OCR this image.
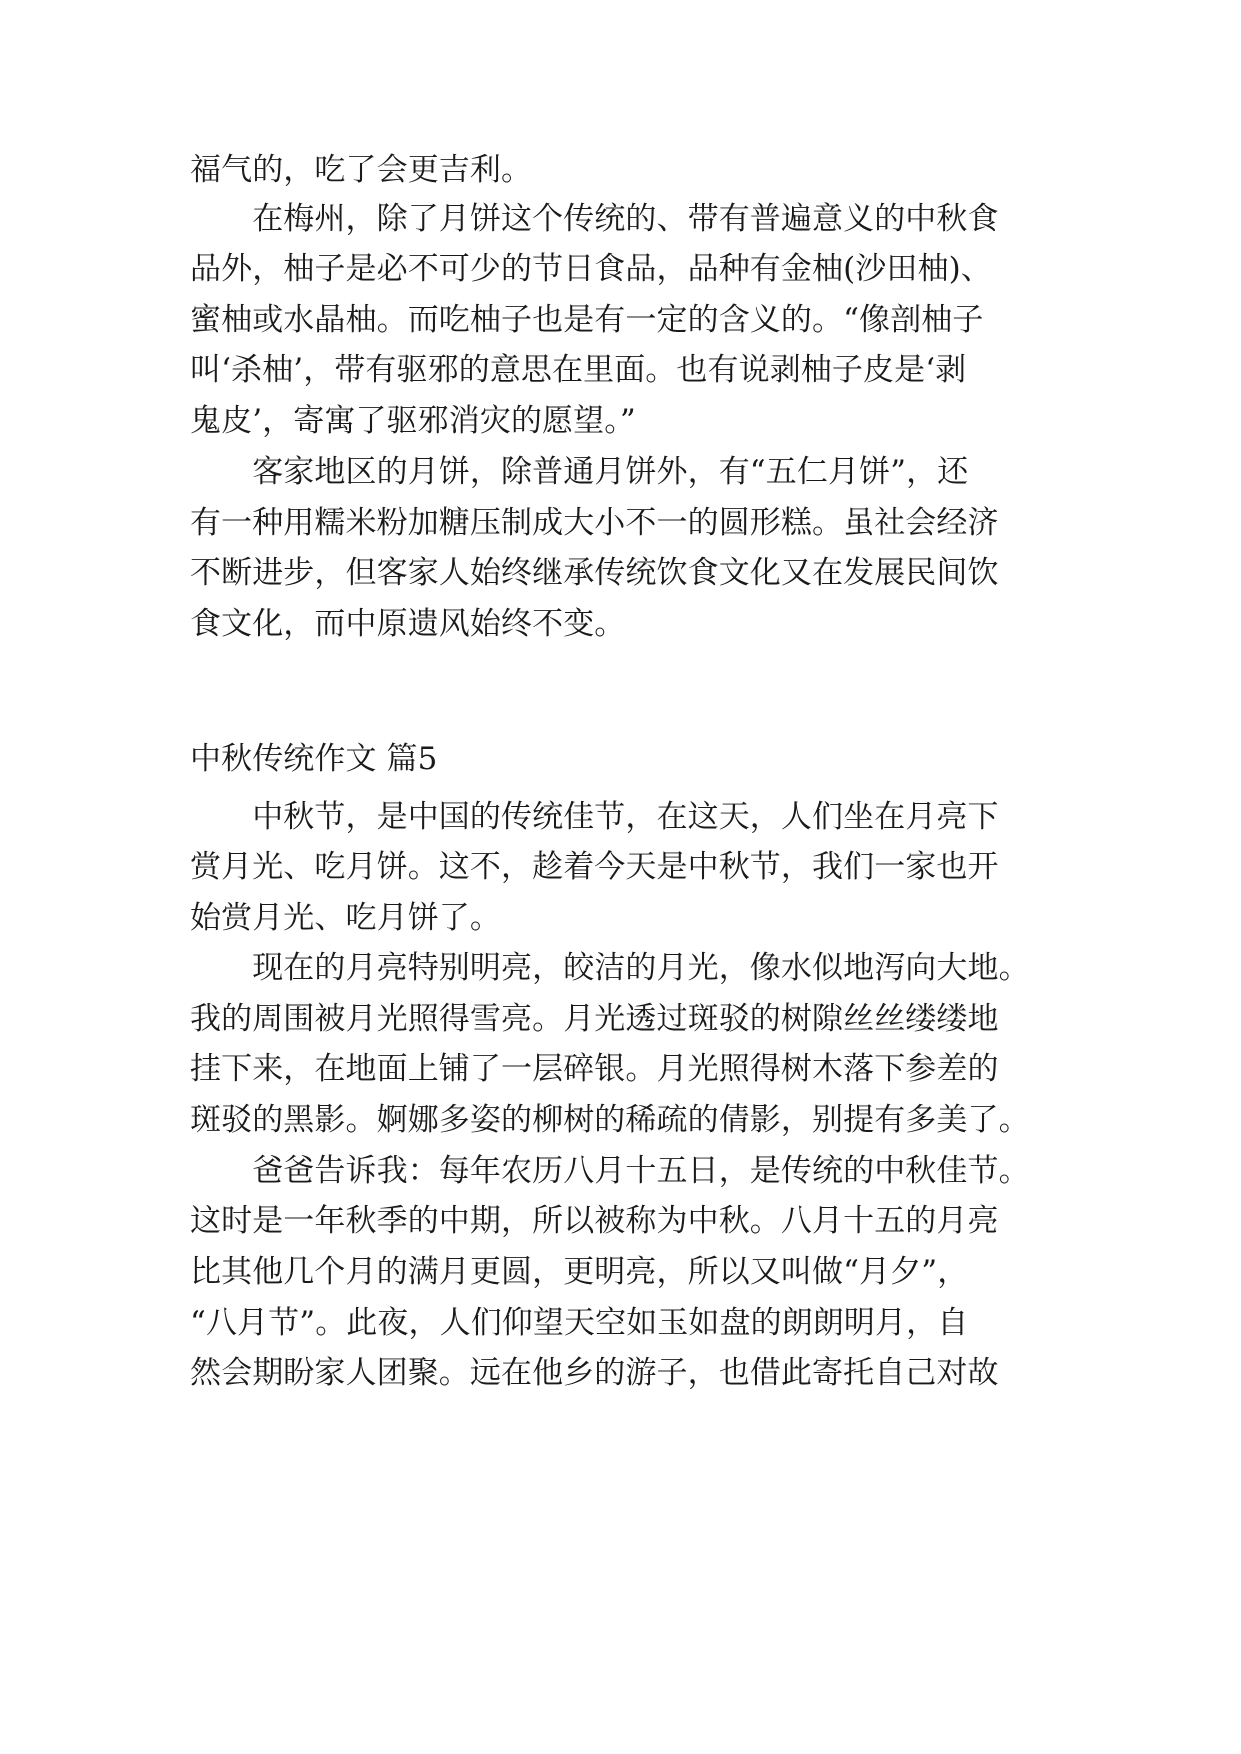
福气的，吃了会更吉利。

　　在梅州，除了月饼这个传统的、带有普遍意义的中秋食

品外，柚子是必不可少的节日食品，品种有金柚(沙田柚)、

蜜柚或水晶柚。而吃柚子也是有一定的含义的。“像剖柚子

叫‘杀柚’，带有驱邪的意思在里面。也有说剥柚子皮是‘剥

鬼皮’，寄寓了驱邪消灾的愿望。”

　　客家地区的月饼，除普通月饼外，有“五仁月饼”，还

有一种用糯米粉加糖压制成大小不一的圆形糕。虽社会经济

不断进步，但客家人始终继承传统饮食文化又在发展民间饮

食文化，而中原遗风始终不变。

中秋传统作文 篇5

　　中秋节，是中国的传统佳节，在这天，人们坐在月亮下

赏月光、吃月饼。这不，趁着今天是中秋节，我们一家也开

始赏月光、吃月饼了。

　　现在的月亮特别明亮，皎洁的月光，像水似地泻向大地。

我的周围被月光照得雪亮。月光透过斑驳的树隙丝丝缕缕地

挂下来，在地面上铺了一层碎银。月光照得树木落下参差的

斑驳的黑影。婀娜多姿的柳树的稀疏的倩影，别提有多美了。

　　爸爸告诉我：每年农历八月十五日，是传统的中秋佳节。

这时是一年秋季的中期，所以被称为中秋。八月十五的月亮

比其他几个月的满月更圆，更明亮，所以又叫做“月夕”，

“八月节”。此夜，人们仰望天空如玉如盘的朗朗明月，自

然会期盼家人团聚。远在他乡的游子，也借此寄托自己对故
